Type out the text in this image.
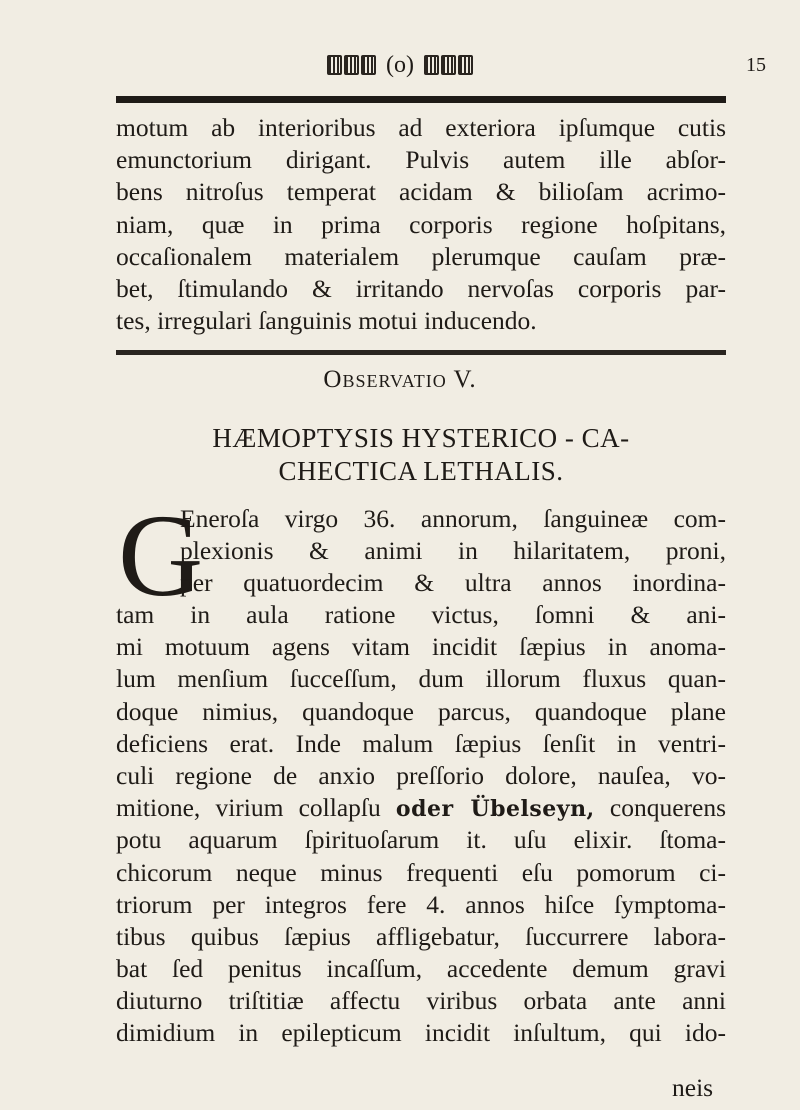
(o)	15
motum ab interioribus ad exteriora ipſumque cutis
emunctorium dirigant. Pulvis autem ille abſor-
bens nitroſus temperat acidam & bilioſam acrimo-
niam, quæ in prima corporis regione hoſpitans,
occaſionalem materialem plerumque cauſam præ-
bet, ſtimulando & irritando nervoſas corporis par-
tes, irregulari ſanguinis motui inducendo.
Observatio V.
HÆMOPTYSIS HYSTERICO - CA-
CHECTICA LETHALIS.
G
Eneroſa virgo 36. annorum, ſanguineæ com-
plexionis & animi in hilaritatem, proni,
per quatuordecim & ultra annos inordina-
tam in aula ratione victus, ſomni & ani-
mi motuum agens vitam incidit ſæpius in anoma-
lum menſium ſucceſſum, dum illorum fluxus quan-
doque nimius, quandoque parcus, quandoque plane
deficiens erat. Inde malum ſæpius ſenſit in ventri-
culi regione de anxio preſſorio dolore, nauſea, vo-
mitione, virium collapſu oder Übelseyn, conquerens
potu aquarum ſpirituoſarum it. uſu elixir. ſtoma-
chicorum neque minus frequenti eſu pomorum ci-
triorum per integros fere 4. annos hiſce ſymptoma-
tibus quibus ſæpius affligebatur, ſuccurrere labora-
bat ſed penitus incaſſum, accedente demum gravi
diuturno triſtitiæ affectu viribus orbata ante anni
dimidium in epilepticum incidit inſultum, qui ido-
neis
